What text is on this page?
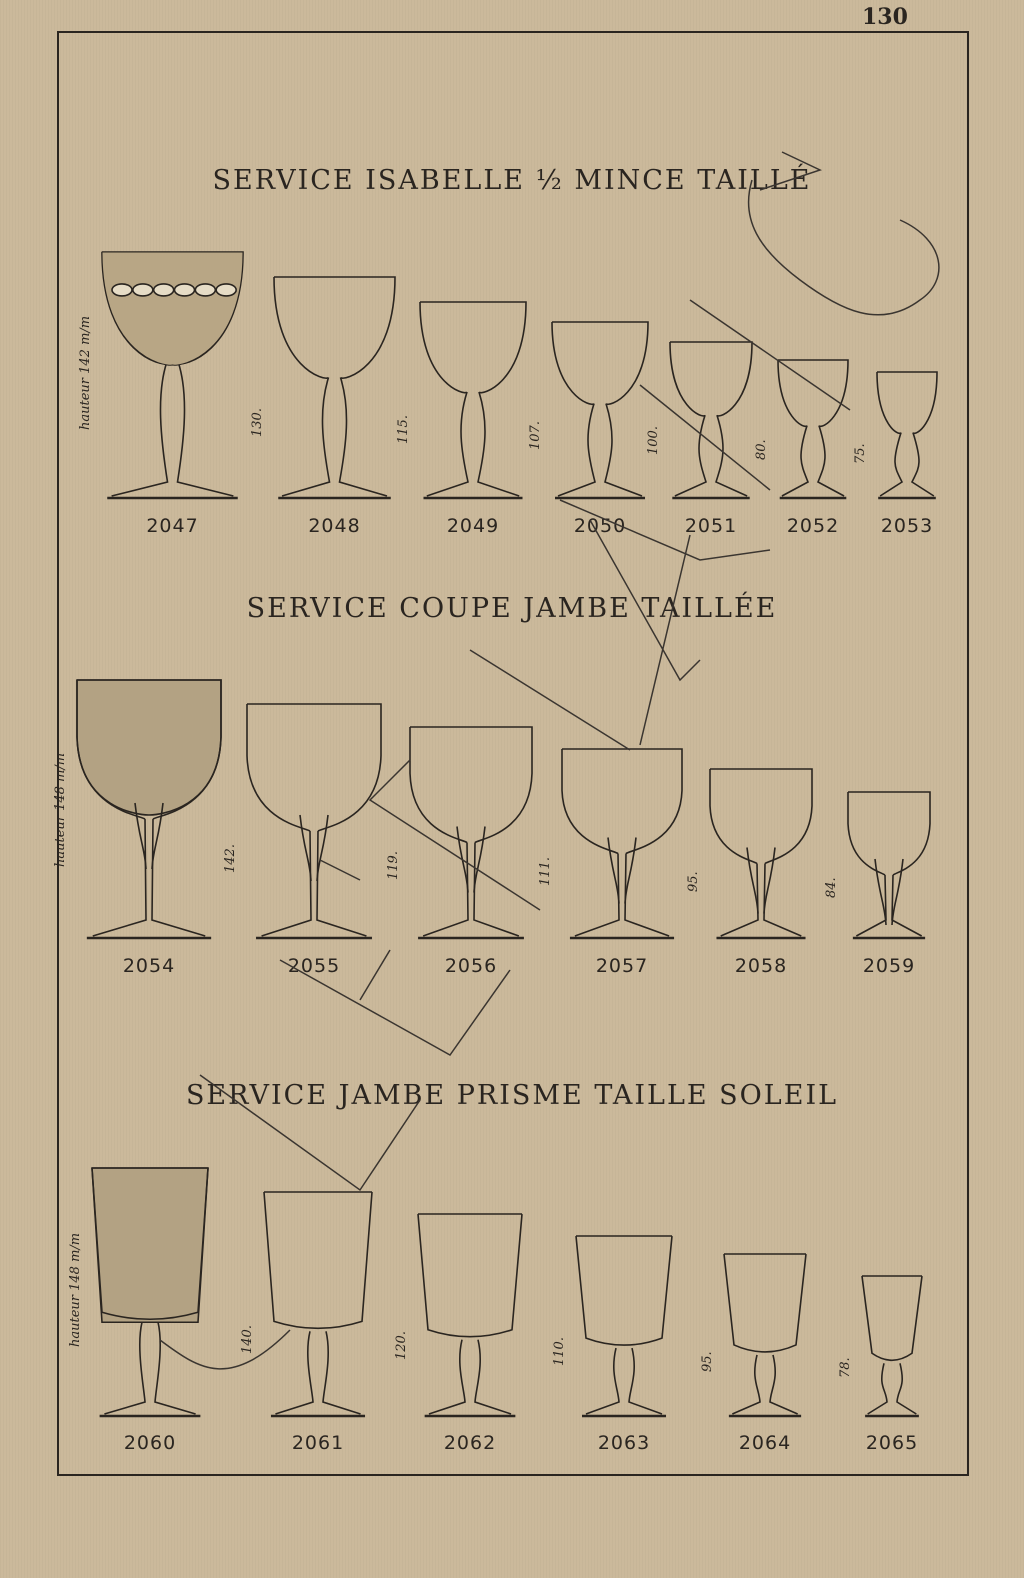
130
SERVICE ISABELLE ½ MINCE TAILLÉ
SERVICE COUPE JAMBE TAILLÉE
SERVICE JAMBE PRISME TAILLE SOLEIL
hauteur 142 m/m
2047
130.
2048
115.
2049
107.
2050
100.
2051
80.
2052
75.
2053
hauteur 148 m/m
2054
142.
2055
119.
2056
111.
2057
95.
2058
84.
2059
hauteur 148 m/m
2060
140.
2061
120.
2062
110.
2063
95.
2064
78.
2065
